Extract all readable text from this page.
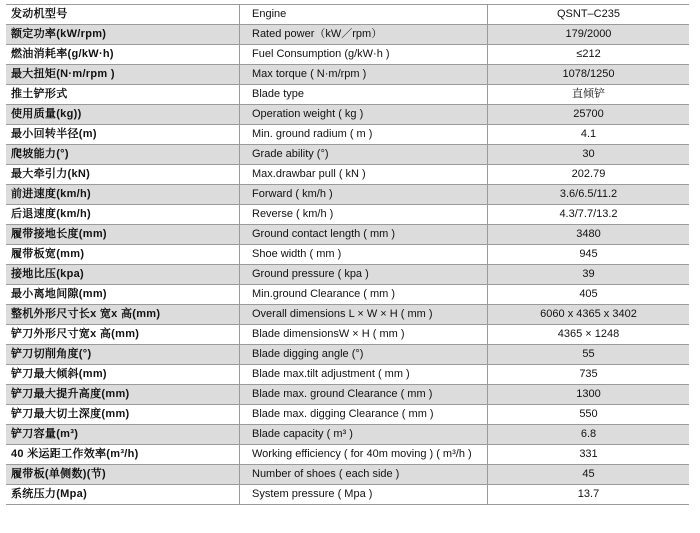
发动机型号	Engine	QSNT–C235
额定功率(kW/rpm)	Rated power（kW／rpm）	179/2000
燃油消耗率(g/kW·h)	Fuel Consumption (g/kW·h )	≤212
最大扭矩(N·m/rpm )	Max torque ( N·m/rpm )	1078/1250
推土铲形式	Blade type	直倾铲
使用质量(kg))	Operation weight ( kg )	25700
最小回转半径(m)	Min. ground radium ( m )	4.1
爬坡能力(°)	Grade ability (°)	30
最大牵引力(kN)	Max.drawbar pull ( kN )	202.79
前进速度(km/h)	Forward ( km/h )	3.6/6.5/11.2
后退速度(km/h)	Reverse ( km/h )	4.3/7.7/13.2
履带接地长度(mm)	Ground contact length ( mm )	3480
履带板宽(mm)	Shoe width ( mm )	945
接地比压(kpa)	Ground pressure ( kpa )	39
最小离地间隙(mm)	Min.ground Clearance ( mm )	405
整机外形尺寸长x 宽x 高(mm)	Overall dimensions L × W × H ( mm )	6060 x 4365 x 3402
铲刀外形尺寸宽x 高(mm)	Blade dimensionsW × H ( mm )	4365 × 1248
铲刀切削角度(°)	Blade digging angle (°)	55
铲刀最大倾斜(mm)	Blade max.tilt adjustment ( mm )	735
铲刀最大提升高度(mm)	Blade max. ground Clearance ( mm )	1300
铲刀最大切土深度(mm)	Blade max. digging Clearance ( mm )	550
铲刀容量(m³)	Blade capacity ( m³ )	6.8
40 米运距工作效率(m³/h)	Working efficiency ( for 40m moving ) ( m³/h )	331
履带板(单侧数)(节)	Number of shoes ( each side )	45
系统压力(Mpa)	System pressure ( Mpa )	13.7
